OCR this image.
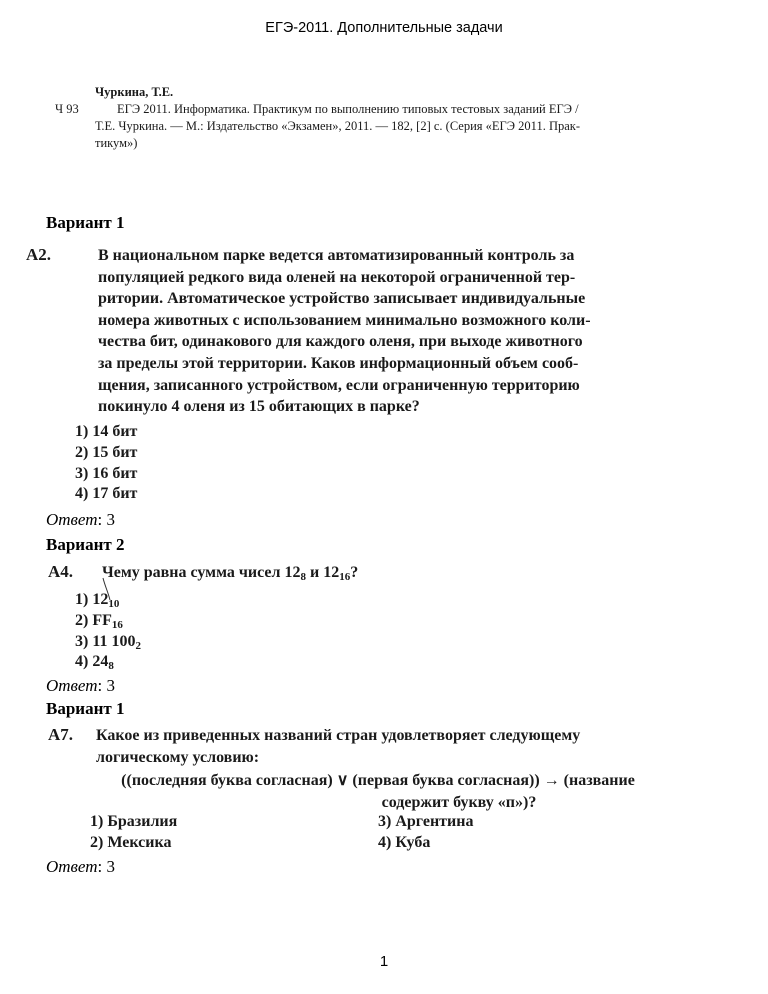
ЕГЭ-2011. Дополнительные задачи
Чуркина, Т.Е.
Ч 93	ЕГЭ 2011. Информатика. Практикум по выполнению типовых тестовых заданий ЕГЭ /
Т.Е. Чуркина. — М.: Издательство «Экзамен», 2011. — 182, [2] с. (Серия «ЕГЭ 2011. Прак-
тикум»)
Вариант 1
А2.	В национальном парке ведется автоматизированный контроль за
популяцией редкого вида оленей на некоторой ограниченной тер-
ритории. Автоматическое устройство записывает индивидуальные
номера животных с использованием минимально возможного коли-
чества бит, одинакового для каждого оленя, при выходе животного
за пределы этой территории. Каков информационный объем сооб-
щения, записанного устройством, если ограниченную территорию
покинуло 4 оленя из 15 обитающих в парке?
1) 14 бит
2) 15 бит
3) 16 бит
4) 17 бит
Ответ: 3
Вариант 2
А4. Чему равна сумма чисел $12_8$ и $12_{16}$?
1) $12_{10}$
2) $FF_{16}$
3) 11 $100_2$
4) $24_8$
Ответ: 3
Вариант 1
А7. Какое из приведенных названий стран удовлетворяет следующему
логическому условию:
((последняя буква согласная) ∨ (первая буква согласная)) → (название
содержит букву «п»)?
1) Бразилия	3) Аргентина
2) Мексика	4) Куба
Ответ: 3
1
